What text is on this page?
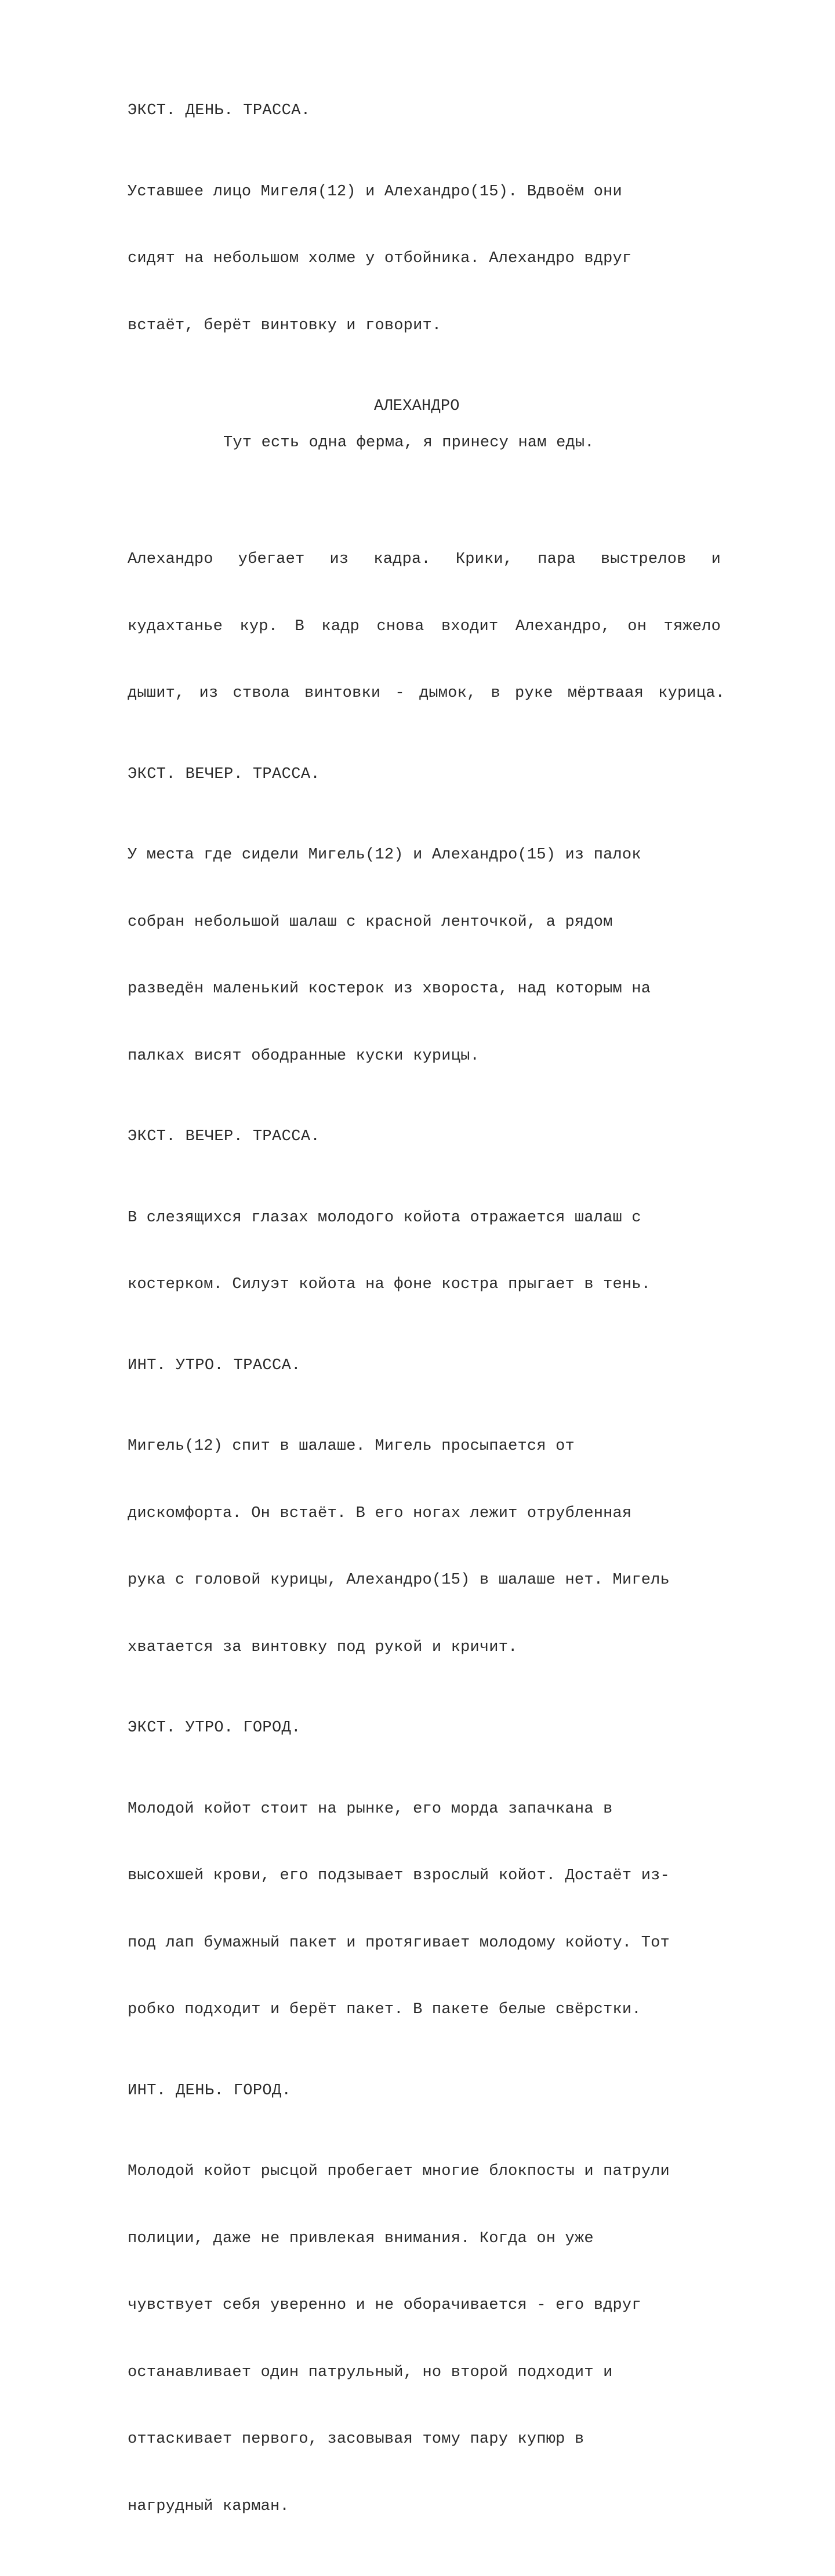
ЭКСТ. ДЕНЬ. ТРАССА.

Уставшее лицо Мигеля(12) и Алехандро(15). Вдвоём они

сидят на небольшом холме у отбойника. Алехандро вдруг

встаёт, берёт винтовку и говорит.

АЛЕХАНДРО
Тут есть одна ферма, я принесу нам еды.

Алехандро убегает из кадра. Крики, пара выстрелов и

кудахтанье кур. В кадр снова входит Алехандро, он тяжело

дышит, из ствола винтовки - дымок, в руке мёртваая курица.

ЭКСТ. ВЕЧЕР. ТРАССА.

У места где сидели Мигель(12) и Алехандро(15) из палок

собран небольшой шалаш с красной ленточкой, а рядом

разведён маленький костерок из хвороста, над которым на

палках висят ободранные куски курицы.

ЭКСТ. ВЕЧЕР. ТРАССА.

В слезящихся глазах молодого койота отражается шалаш с

костерком. Силуэт койота на фоне костра прыгает в тень.

ИНТ. УТРО. ТРАССА.

Мигель(12) спит в шалаше. Мигель просыпается от

дискомфорта. Он встаёт. В его ногах лежит отрубленная

рука с головой курицы, Алехандро(15) в шалаше нет. Мигель

хватается за винтовку под рукой и кричит.

ЭКСТ. УТРО. ГОРОД.

Молодой койот стоит на рынке, его морда запачкана в

высохшей крови, его подзывает взрослый койот. Достаёт из-

под лап бумажный пакет и протягивает молодому койоту. Тот

робко подходит и берёт пакет. В пакете белые свёрстки.

ИНТ. ДЕНЬ. ГОРОД.

Молодой койот рысцой пробегает многие блокпосты и патрули

полиции, даже не привлекая внимания. Когда он уже

чувствует себя уверенно и не оборачивается - его вдруг

останавливает один патрульный, но второй подходит и

оттаскивает первого, засовывая тому пару купюр в

нагрудный карман.
